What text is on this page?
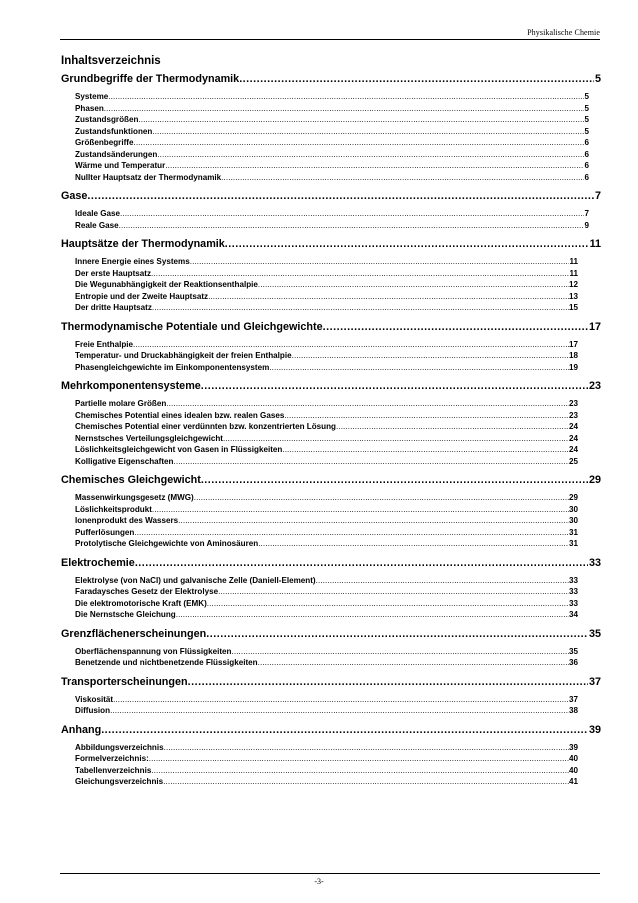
Physikalische Chemie
Inhaltsverzeichnis
Grundbegriffe der Thermodynamik .....	5
Systeme .....	5
Phasen .....	5
Zustandsgrößen .....	5
Zustandsfunktionen .....	5
Größenbegriffe .....	6
Zustandsänderungen .....	6
Wärme und Temperatur .....	6
Nullter Hauptsatz der Thermodynamik .....	6
Gase .....	7
Ideale Gase .....	7
Reale Gase .....	9
Hauptsätze der Thermodynamik .....	11
Innere Energie eines Systems .....	11
Der erste Hauptsatz .....	11
Die Wegunabhängigkeit der Reaktionsenthalpie .....	12
Entropie und der Zweite Hauptsatz .....	13
Der dritte Hauptsatz .....	15
Thermodynamische Potentiale und Gleichgewichte .....	17
Freie Enthalpie .....	17
Temperatur- und Druckabhängigkeit der freien Enthalpie .....	18
Phasengleichgewichte im Einkomponentensystem .....	19
Mehrkomponentensysteme .....	23
Partielle molare Größen .....	23
Chemisches Potential eines idealen bzw. realen Gases .....	23
Chemisches Potential einer verdünnten bzw. konzentrierten Lösung .....	24
Nernstsches Verteilungsgleichgewicht .....	24
Löslichkeitsgleichgewicht von Gasen in Flüssigkeiten .....	24
Kolligative Eigenschaften .....	25
Chemisches Gleichgewicht .....	29
Massenwirkungsgesetz (MWG) .....	29
Löslichkeitsprodukt .....	30
Ionenprodukt des Wassers .....	30
Pufferlösungen .....	31
Protolytische Gleichgewichte von Aminosäuren .....	31
Elektrochemie .....	33
Elektrolyse (von NaCl) und galvanische Zelle (Daniell-Element) .....	33
Faradaysches Gesetz der Elektrolyse .....	33
Die elektromotorische Kraft (EMK) .....	33
Die Nernstsche Gleichung .....	34
Grenzflächenerscheinungen .....	35
Oberflächenspannung von Flüssigkeiten .....	35
Benetzende und nichtbenetzende Flüssigkeiten .....	36
Transporterscheinungen .....	37
Viskosität .....	37
Diffusion .....	38
Anhang .....	39
Abbildungsverzeichnis .....	39
Formelverzeichnis: .....	40
Tabellenverzeichnis .....	40
Gleichungsverzeichnis .....	41
-3-
